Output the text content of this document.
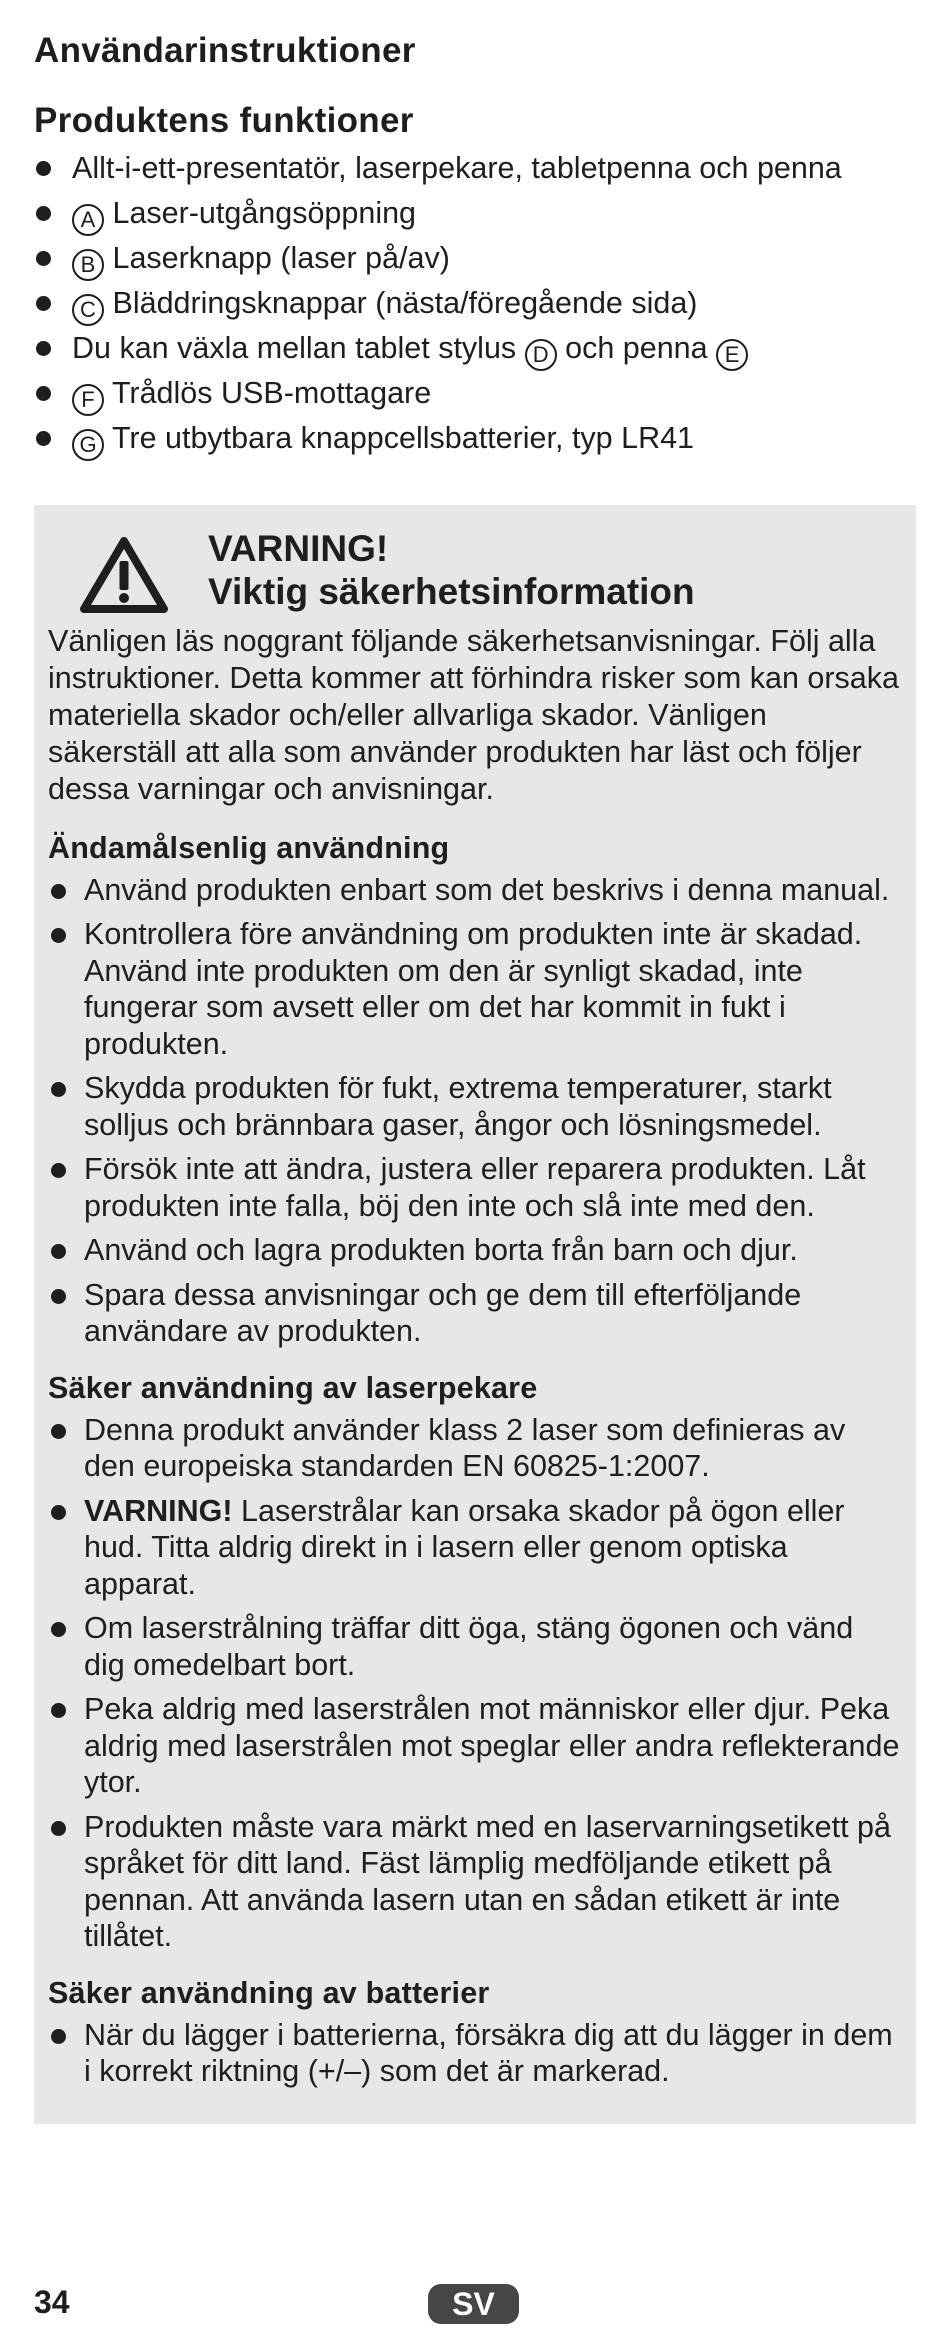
Användarinstruktioner
Produktens funktioner
Allt-i-ett-presentatör, laserpekare, tabletpenna och penna
A Laser-utgångsöppning
B Laserknapp (laser på/av)
C Bläddringsknappar (nästa/föregående sida)
Du kan växla mellan tablet stylus D och penna E
F Trådlös USB-mottagare
G Tre utbytbara knappcellsbatterier, typ LR41
VARNING!
Viktig säkerhetsinformation

Vänligen läs noggrant följande säkerhetsanvisningar. Följ alla instruktioner. Detta kommer att förhindra risker som kan orsaka materiella skador och/eller allvarliga skador. Vänligen säkerställ att alla som använder produkten har läst och följer dessa varningar och anvisningar.

Ändamålsenlig användning
Använd produkten enbart som det beskrivs i denna manual.
Kontrollera före användning om produkten inte är skadad. Använd inte produkten om den är synligt skadad, inte fungerar som avsett eller om det har kommit in fukt i produkten.
Skydda produkten för fukt, extrema temperaturer, starkt solljus och brännbara gaser, ångor och lösningsmedel.
Försök inte att ändra, justera eller reparera produkten. Låt produkten inte falla, böj den inte och slå inte med den.
Använd och lagra produkten borta från barn och djur.
Spara dessa anvisningar och ge dem till efterföljande användare av produkten.
Säker användning av laserpekare
Denna produkt använder klass 2 laser som definieras av den europeiska standarden EN 60825-1:2007.
VARNING! Laserstrålar kan orsaka skador på ögon eller hud. Titta aldrig direkt in i lasern eller genom optiska apparat.
Om laserstrålning träffar ditt öga, stäng ögonen och vänd dig omedelbart bort.
Peka aldrig med laserstrålen mot människor eller djur. Peka aldrig med laserstrålen mot speglar eller andra reflekterande ytor.
Produkten måste vara märkt med en laservarningsetikett på språket för ditt land. Fäst lämplig medföljande etikett på pennan. Att använda lasern utan en sådan etikett är inte tillåtet.
Säker användning av batterier
När du lägger i batterierna, försäkra dig att du lägger in dem i korrekt riktning (+/–) som det är markerad.
34	SV
